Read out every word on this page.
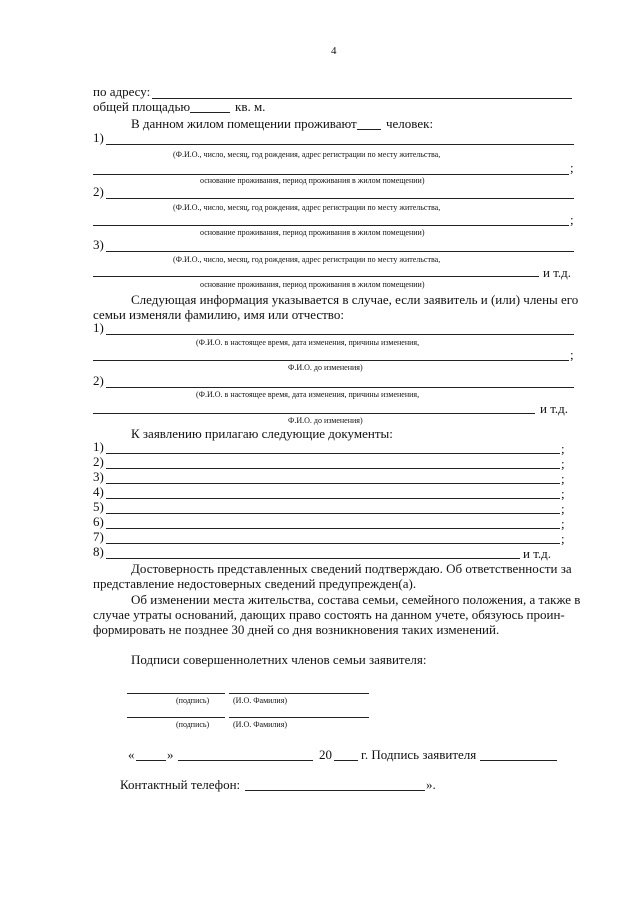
4
по адресу:
общей площадью	кв. м.
В данном жилом помещении проживают человек:
1)
(Ф.И.О., число, месяц, год рождения, адрес регистрации по месту жительства,
;
основание проживания, период проживания в жилом помещении)
2)
(Ф.И.О., число, месяц, год рождения, адрес регистрации по месту жительства,
;
основание проживания, период проживания в жилом помещении)
3)
(Ф.И.О., число, месяц, год рождения, адрес регистрации по месту жительства,
и т.д.
основание проживания, период проживания в жилом помещении)
Следующая информация указывается в случае, если заявитель и (или) члены его
семьи изменяли фамилию, имя или отчество:
1)
(Ф.И.О. в настоящее время, дата изменения, причины изменения,
;
Ф.И.О. до изменения)
2)
(Ф.И.О. в настоящее время, дата изменения, причины изменения,
и т.д.
Ф.И.О. до изменения)
К заявлению прилагаю следующие документы:
1)	;
2)	;
3)	;
4)	;
5)	;
6)	;
7)	;
8)	и т.д.
Достоверность представленных сведений подтверждаю. Об ответственности за
представление недостоверных сведений предупрежден(а).
Об изменении места жительства, состава семьи, семейного положения, а также в
случае утраты оснований, дающих право состоять на данном учете, обязуюсь проин-
формировать не позднее 30 дней со дня возникновения таких изменений.
Подписи совершеннолетних членов семьи заявителя:
(подпись)	(И.О. Фамилия)
(подпись)	(И.О. Фамилия)
«	»	20 г. Подпись заявителя
Контактный телефон:	».
